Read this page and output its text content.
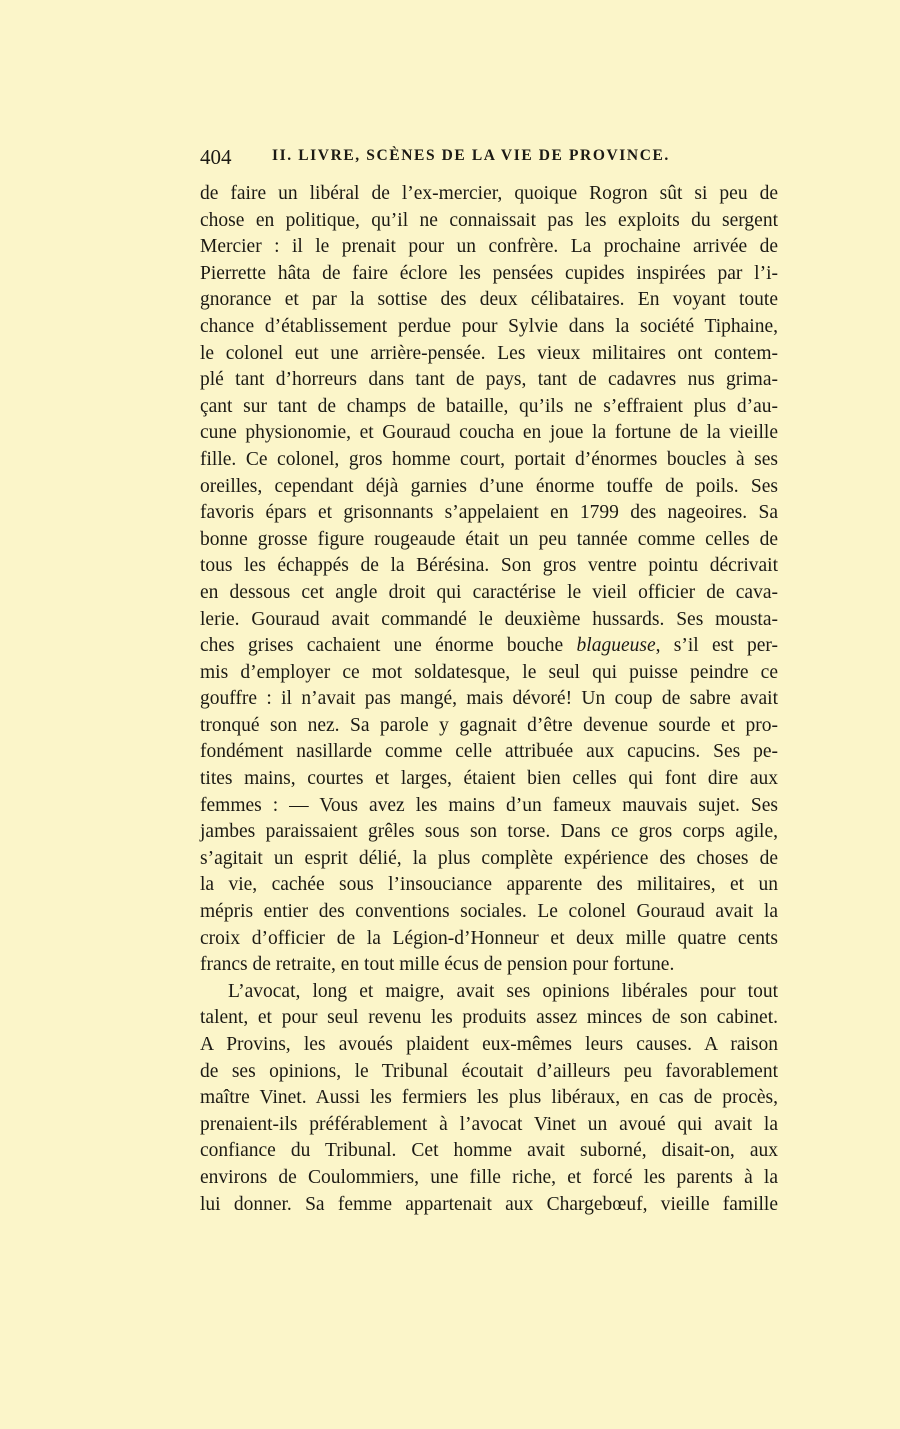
404	II. LIVRE, SCÈNES DE LA VIE DE PROVINCE.
de faire un libéral de l’ex-mercier, quoique Rogron sût si peu de
chose en politique, qu’il ne connaissait pas les exploits du sergent
Mercier : il le prenait pour un confrère. La prochaine arrivée de
Pierrette hâta de faire éclore les pensées cupides inspirées par l’i-
gnorance et par la sottise des deux célibataires. En voyant toute
chance d’établissement perdue pour Sylvie dans la société Tiphaine,
le colonel eut une arrière-pensée. Les vieux militaires ont contem-
plé tant d’horreurs dans tant de pays, tant de cadavres nus grima-
çant sur tant de champs de bataille, qu’ils ne s’effraient plus d’au-
cune physionomie, et Gouraud coucha en joue la fortune de la vieille
fille. Ce colonel, gros homme court, portait d’énormes boucles à ses
oreilles, cependant déjà garnies d’une énorme touffe de poils. Ses
favoris épars et grisonnants s’appelaient en 1799 des nageoires. Sa
bonne grosse figure rougeaude était un peu tannée comme celles de
tous les échappés de la Bérésina. Son gros ventre pointu décrivait
en dessous cet angle droit qui caractérise le vieil officier de cava-
lerie. Gouraud avait commandé le deuxième hussards. Ses mousta-
ches grises cachaient une énorme bouche blagueuse, s’il est per-
mis d’employer ce mot soldatesque, le seul qui puisse peindre ce
gouffre : il n’avait pas mangé, mais dévoré! Un coup de sabre avait
tronqué son nez. Sa parole y gagnait d’être devenue sourde et pro-
fondément nasillarde comme celle attribuée aux capucins. Ses pe-
tites mains, courtes et larges, étaient bien celles qui font dire aux
femmes : — Vous avez les mains d’un fameux mauvais sujet. Ses
jambes paraissaient grêles sous son torse. Dans ce gros corps agile,
s’agitait un esprit délié, la plus complète expérience des choses de
la vie, cachée sous l’insouciance apparente des militaires, et un
mépris entier des conventions sociales. Le colonel Gouraud avait la
croix d’officier de la Légion-d’Honneur et deux mille quatre cents
francs de retraite, en tout mille écus de pension pour fortune.
L’avocat, long et maigre, avait ses opinions libérales pour tout
talent, et pour seul revenu les produits assez minces de son cabinet.
A Provins, les avoués plaident eux-mêmes leurs causes. A raison
de ses opinions, le Tribunal écoutait d’ailleurs peu favorablement
maître Vinet. Aussi les fermiers les plus libéraux, en cas de procès,
prenaient-ils préférablement à l’avocat Vinet un avoué qui avait la
confiance du Tribunal. Cet homme avait suborné, disait-on, aux
environs de Coulommiers, une fille riche, et forcé les parents à la
lui donner. Sa femme appartenait aux Chargebœuf, vieille famille
